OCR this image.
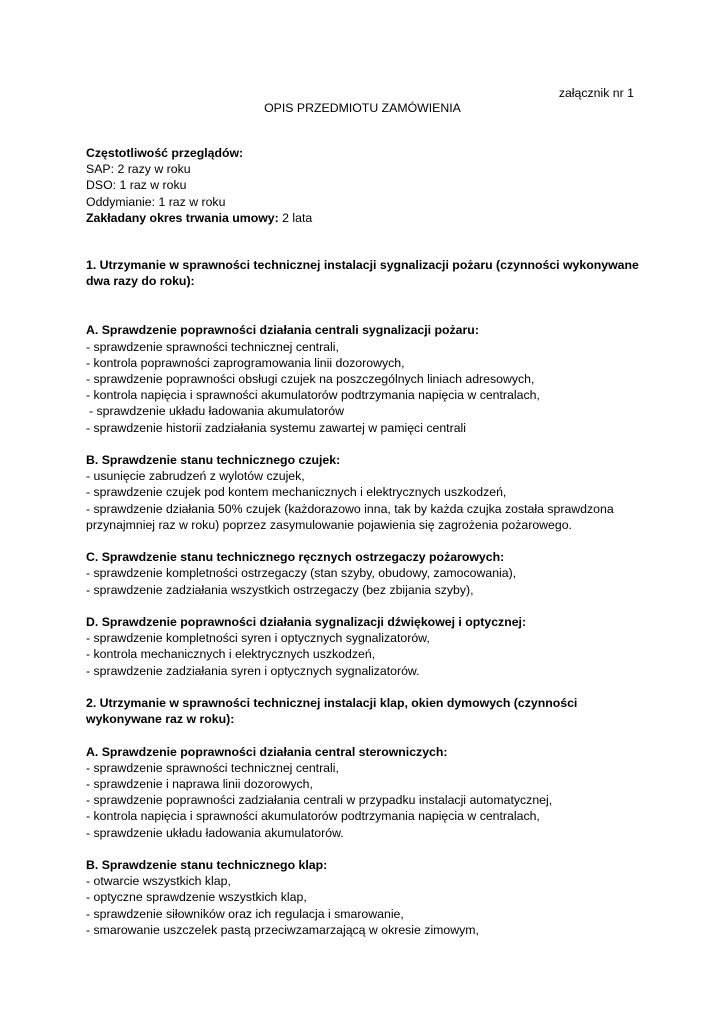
załącznik nr 1
OPIS PRZEDMIOTU ZAMÓWIENIA
Częstotliwość przeglądów:
SAP: 2 razy w roku
DSO: 1 raz w roku
Oddymianie: 1 raz w roku
Zakładany okres trwania umowy: 2 lata
1. Utrzymanie w sprawności technicznej instalacji sygnalizacji pożaru (czynności wykonywane dwa razy do roku):
A. Sprawdzenie poprawności działania centrali sygnalizacji pożaru:
- sprawdzenie sprawności technicznej centrali,
- kontrola poprawności zaprogramowania linii dozorowych,
- sprawdzenie poprawności obsługi czujek na poszczególnych liniach adresowych,
- kontrola napięcia i sprawności akumulatorów podtrzymania napięcia w centralach,
- sprawdzenie układu ładowania akumulatorów
- sprawdzenie historii zadziałania systemu zawartej w pamięci centrali
B. Sprawdzenie stanu technicznego czujek:
- usunięcie zabrudzeń z wylotów czujek,
- sprawdzenie czujek pod kontem mechanicznych i elektrycznych uszkodzeń,
- sprawdzenie działania 50% czujek (każdorazowo inna, tak by każda czujka została sprawdzona przynajmniej raz w roku) poprzez zasymulowanie pojawienia się zagrożenia pożarowego.
C. Sprawdzenie stanu technicznego ręcznych ostrzegaczy pożarowych:
- sprawdzenie kompletności ostrzegaczy (stan szyby, obudowy, zamocowania),
- sprawdzenie zadziałania wszystkich ostrzegaczy (bez zbijania szyby),
D. Sprawdzenie poprawności działania sygnalizacji dźwiękowej i optycznej:
- sprawdzenie kompletności syren i optycznych sygnalizatorów,
- kontrola mechanicznych i elektrycznych uszkodzeń,
- sprawdzenie zadziałania syren i optycznych sygnalizatorów.
2. Utrzymanie w sprawności technicznej instalacji klap, okien dymowych (czynności wykonywane raz w roku):
A. Sprawdzenie poprawności działania central sterowniczych:
- sprawdzenie sprawności technicznej centrali,
- sprawdzenie i naprawa linii dozorowych,
- sprawdzenie poprawności zadziałania centrali w przypadku instalacji automatycznej,
- kontrola napięcia i sprawności akumulatorów podtrzymania napięcia w centralach,
- sprawdzenie układu ładowania akumulatorów.
B. Sprawdzenie stanu technicznego klap:
- otwarcie wszystkich klap,
- optyczne sprawdzenie wszystkich klap,
- sprawdzenie siłowników oraz ich regulacja i smarowanie,
- smarowanie uszczelek pastą przeciwzamarzającą w okresie zimowym,
